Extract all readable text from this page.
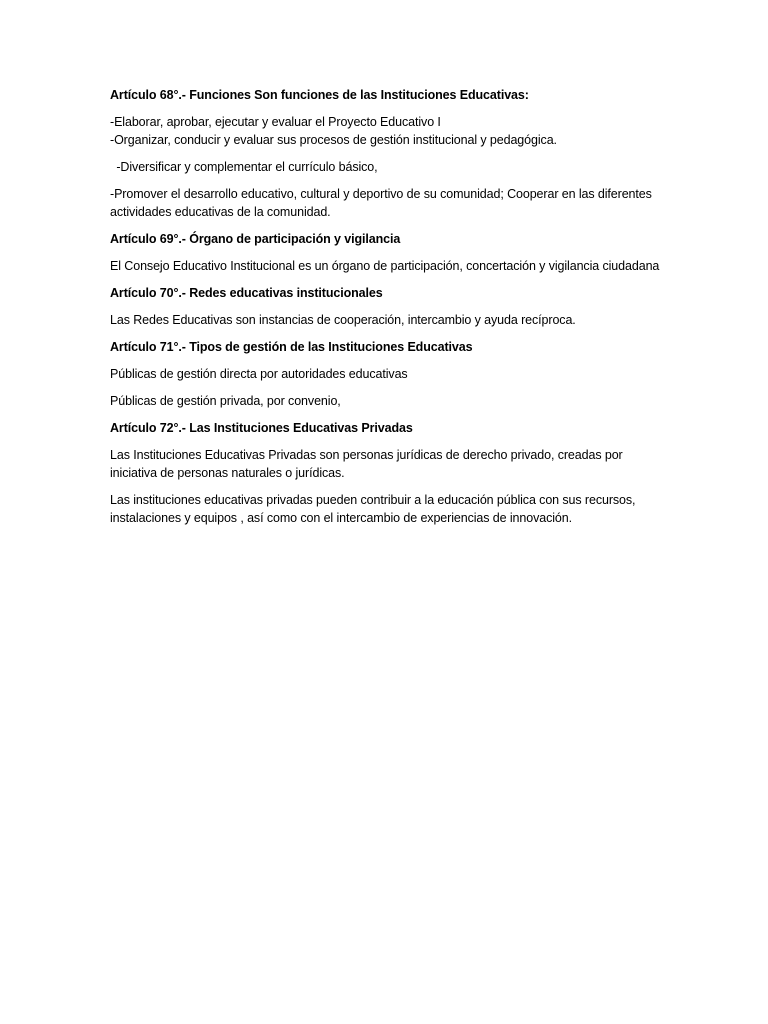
Artículo 68°.- Funciones Son funciones de las Instituciones Educativas:

-Elaborar, aprobar, ejecutar y evaluar el Proyecto Educativo I
-Organizar, conducir y evaluar sus procesos de gestión institucional y pedagógica.

-Diversificar y complementar el currículo básico,

-Promover el desarrollo educativo, cultural y deportivo de su comunidad; Cooperar en las diferentes actividades educativas de la comunidad.

Artículo 69°.- Órgano de participación y vigilancia

El Consejo Educativo Institucional es un órgano de participación, concertación y vigilancia ciudadana

Artículo 70°.- Redes educativas institucionales

Las Redes Educativas son instancias de cooperación, intercambio y ayuda recíproca.

Artículo 71°.- Tipos de gestión de las Instituciones Educativas

Públicas de gestión directa por autoridades educativas

Públicas de gestión privada, por convenio,

Artículo 72°.- Las Instituciones Educativas Privadas

Las Instituciones Educativas Privadas son personas jurídicas de derecho privado, creadas por iniciativa de personas naturales o jurídicas.

Las instituciones educativas privadas pueden contribuir a la educación pública con sus recursos, instalaciones y equipos , así como con el intercambio de experiencias de innovación.
